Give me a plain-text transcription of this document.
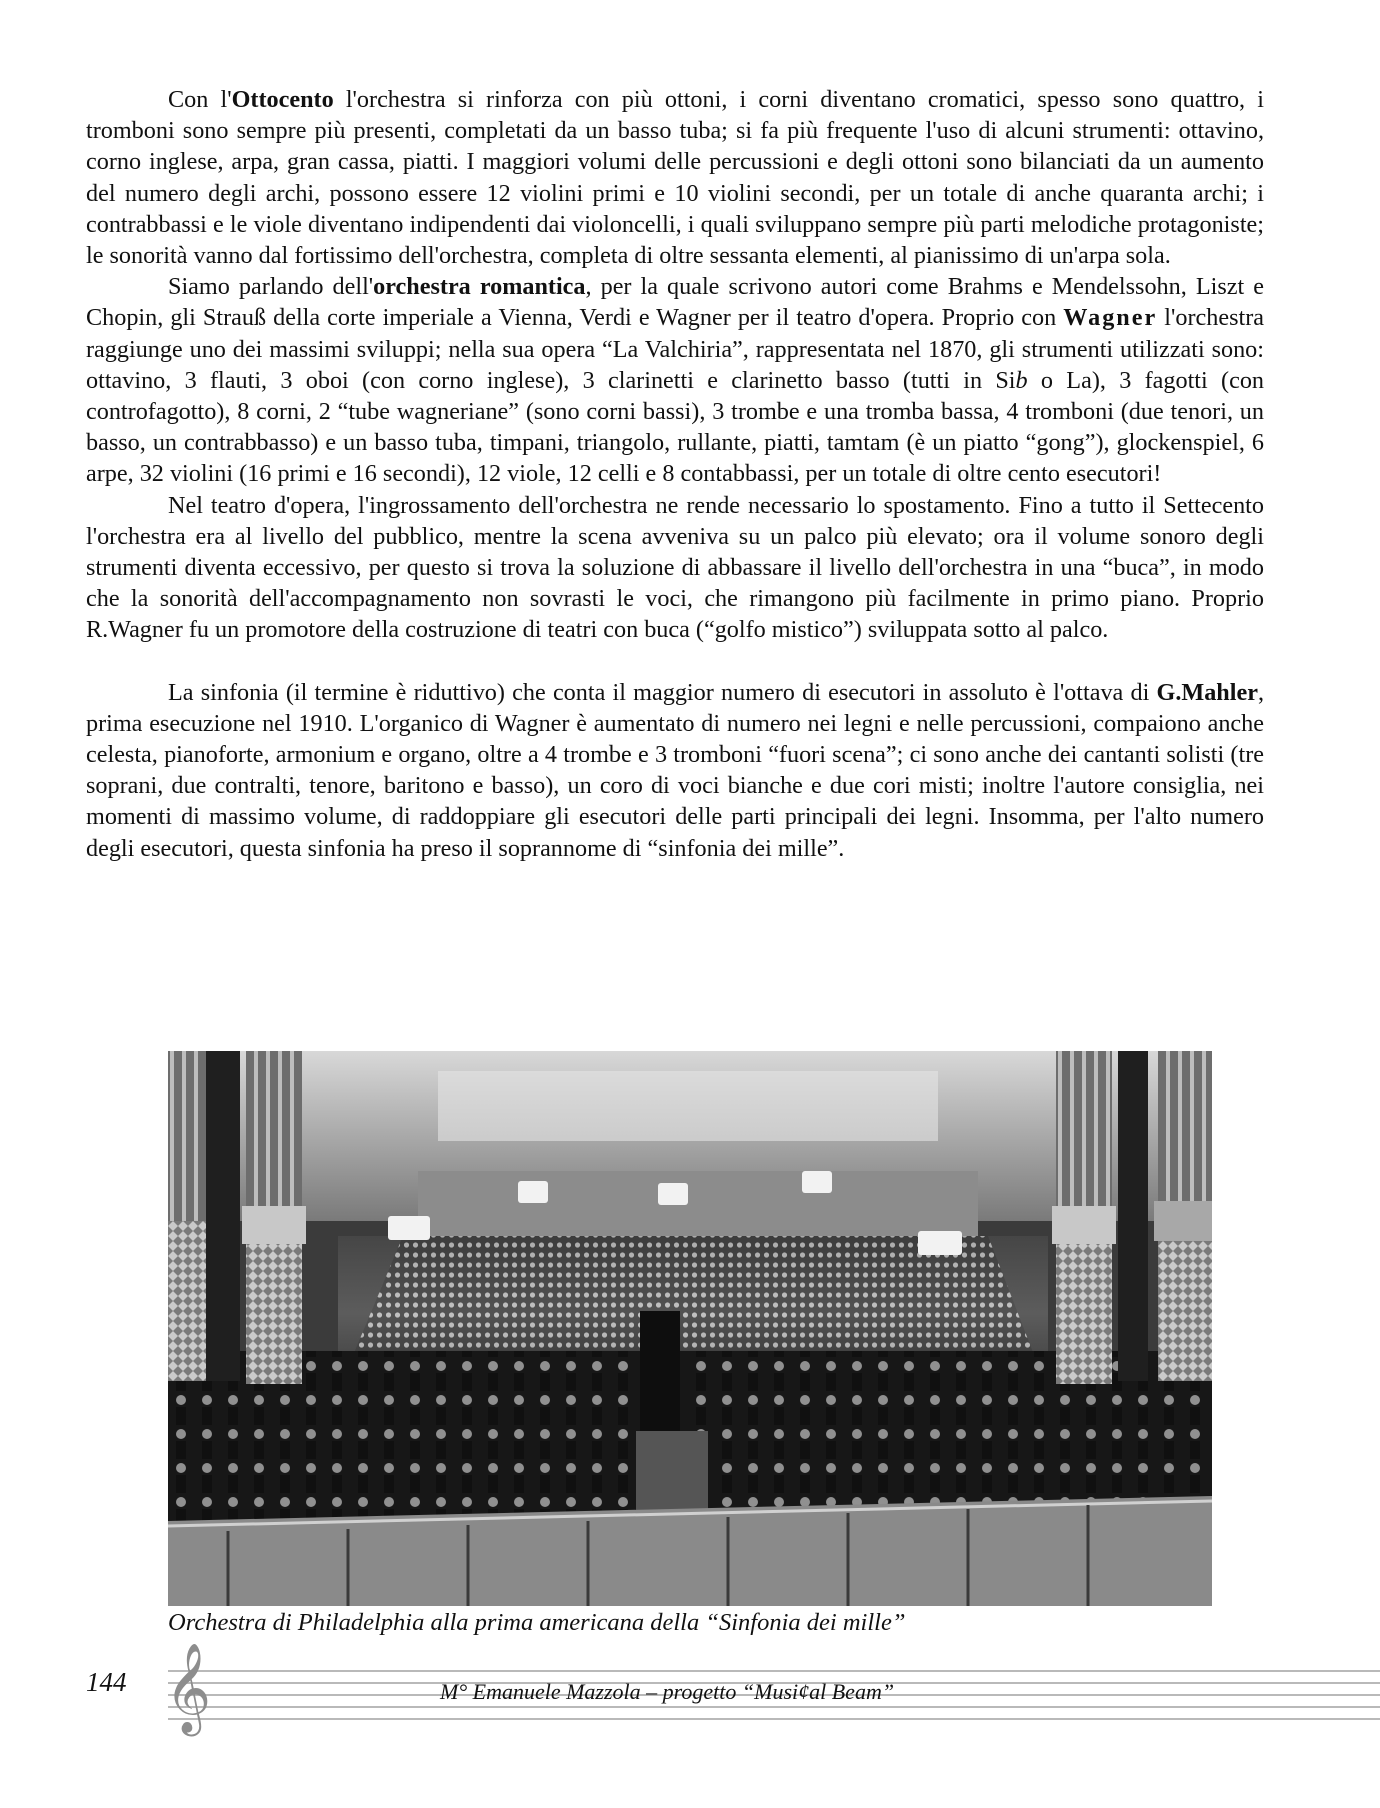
Con l'Ottocento l'orchestra si rinforza con più ottoni, i corni diventano cromatici, spesso sono quattro, i tromboni sono sempre più presenti, completati da un basso tuba; si fa più frequente l'uso di alcuni strumenti: ottavino, corno inglese, arpa, gran cassa, piatti. I maggiori volumi delle percussioni e degli ottoni sono bilanciati da un aumento del numero degli archi, possono essere 12 violini primi e 10 violini secondi, per un totale di anche quaranta archi; i contrabbassi e le viole diventano indipendenti dai violoncelli, i quali sviluppano sempre più parti melodiche protagoniste; le sonorità vanno dal fortissimo dell'orchestra, completa di oltre sessanta elementi, al pianissimo di un'arpa sola.

Siamo parlando dell'orchestra romantica, per la quale scrivono autori come Brahms e Mendelssohn, Liszt e Chopin, gli Strauß della corte imperiale a Vienna, Verdi e Wagner per il teatro d'opera. Proprio con Wagner l'orchestra raggiunge uno dei massimi sviluppi; nella sua opera “La Valchiria”, rappresentata nel 1870, gli strumenti utilizzati sono: ottavino, 3 flauti, 3 oboi (con corno inglese), 3 clarinetti e clarinetto basso (tutti in Sib o La), 3 fagotti (con controfagotto), 8 corni, 2 “tube wagneriane” (sono corni bassi), 3 trombe e una tromba bassa, 4 tromboni (due tenori, un basso, un contrabbasso) e un basso tuba, timpani, triangolo, rullante, piatti, tamtam (è un piatto “gong”), glockenspiel, 6 arpe, 32 violini (16 primi e 16 secondi), 12 viole, 12 celli e 8 contabbassi, per un totale di oltre cento esecutori!

Nel teatro d'opera, l'ingrossamento dell'orchestra ne rende necessario lo spostamento. Fino a tutto il Settecento l'orchestra era al livello del pubblico, mentre la scena avveniva su un palco più elevato; ora il volume sonoro degli strumenti diventa eccessivo, per questo si trova la soluzione di abbassare il livello dell'orchestra in una “buca”, in modo che la sonorità dell'accompagnamento non sovrasti le voci, che rimangono più facilmente in primo piano. Proprio R.Wagner fu un promotore della costruzione di teatri con buca (“golfo mistico”) sviluppata sotto al palco.

La sinfonia (il termine è riduttivo) che conta il maggior numero di esecutori in assoluto è l'ottava di G.Mahler, prima esecuzione nel 1910. L'organico di Wagner è aumentato di numero nei legni e nelle percussioni, compaiono anche celesta, pianoforte, armonium e organo, oltre a 4 trombe e 3 tromboni “fuori scena”; ci sono anche dei cantanti solisti (tre soprani, due contralti, tenore, baritono e basso), un coro di voci bianche e due cori misti; inoltre l'autore consiglia, nei momenti di massimo volume, di raddoppiare gli esecutori delle parti principali dei legni. Insomma, per l'alto numero degli esecutori, questa sinfonia ha preso il soprannome di “sinfonia dei mille”.

Orchestra di Philadelphia alla prima americana della “Sinfonia dei mille”
144 𝄞	M° Emanuele Mazzola – progetto “Musi¢al Beam”
